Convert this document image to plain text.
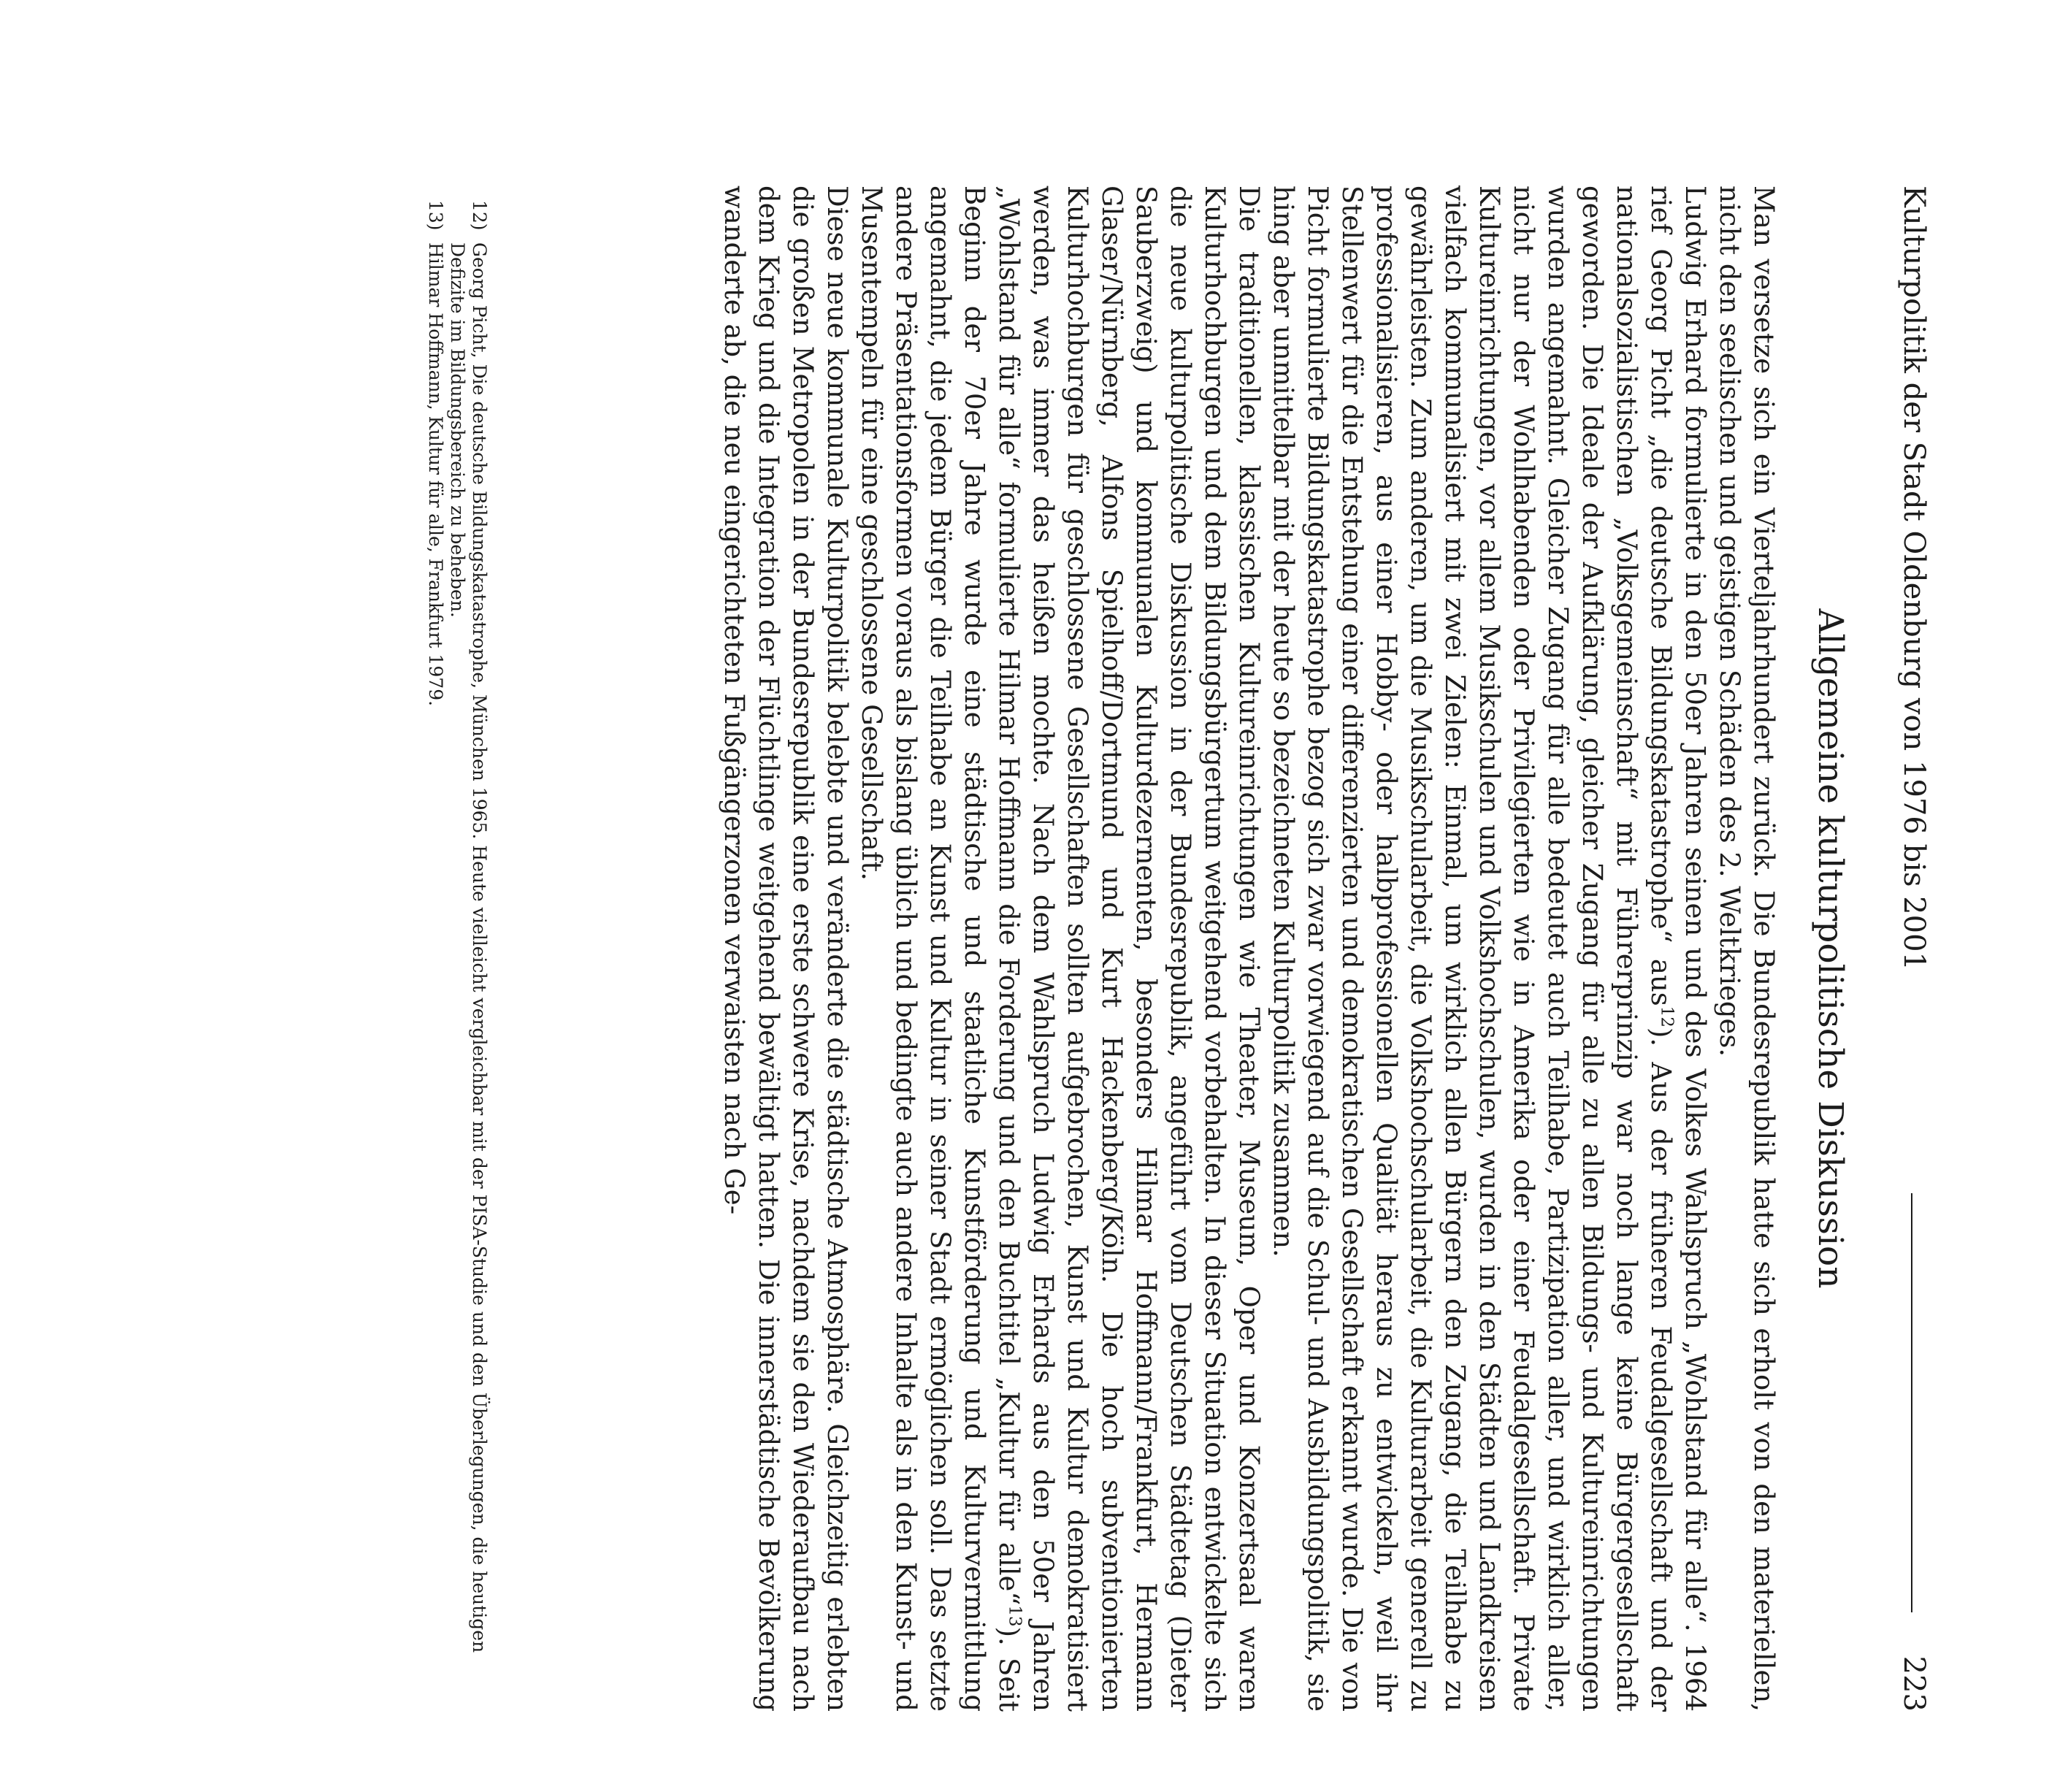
Kulturpolitik der Stadt Oldenburg von 1976 bis 2001
223
Allgemeine kulturpolitische Diskussion

Man versetze sich ein Vierteljahrhundert zurück. Die Bundesrepublik hatte sich erholt von den materiellen, nicht den seelischen und geistigen Schäden des 2. Weltkrieges.

Ludwig Erhard formulierte in den 50er Jahren seinen und des Volkes Wahlspruch „Wohlstand für alle“. 1964 rief Georg Picht „die deutsche Bildungskatastrophe“ aus$^{12}$). Aus der früheren Feudalgesellschaft und der nationalsozialistischen „Volksgemeinschaft“ mit Führerprinzip war noch lange keine Bürgergesellschaft geworden. Die Ideale der Aufklärung, gleicher Zugang für alle zu allen Bildungs- und Kultureinrichtungen wurden angemahnt. Gleicher Zugang für alle bedeutet auch Teilhabe, Partizipation aller, und wirklich aller, nicht nur der Wohlhabenden oder Privilegierten wie in Amerika oder einer Feudalgesellschaft. Private Kultureinrichtungen, vor allem Musikschulen und Volkshochschulen, wurden in den Städten und Landkreisen vielfach kommunalisiert mit zwei Zielen: Einmal, um wirklich allen Bürgern den Zugang, die Teilhabe zu gewährleisten. Zum anderen, um die Musikschularbeit, die Volkshochschularbeit, die Kulturarbeit generell zu professionalisieren, aus einer Hobby- oder halbprofessionellen Qualität heraus zu entwickeln, weil ihr Stellenwert für die Entstehung einer differenzierten und demokratischen Gesellschaft erkannt wurde. Die von Picht formulierte Bildungskatastrophe bezog sich zwar vorwiegend auf die Schul- und Ausbildungspolitik, sie hing aber unmittelbar mit der heute so bezeichneten Kulturpolitik zusammen.

Die traditionellen, klassischen Kultureinrichtungen wie Theater, Museum, Oper und Konzertsaal waren Kulturhochburgen und dem Bildungsbürgertum weitgehend vorbehalten. In dieser Situation entwickelte sich die neue kulturpolitische Diskussion in der Bundesrepublik, angeführt vom Deutschen Städtetag (Dieter Sauberzweig) und kommunalen Kulturdezernenten, besonders Hilmar Hoffmann/Frankfurt, Hermann Glaser/Nürnberg, Alfons Spielhoff/Dortmund und Kurt Hackenberg/Köln. Die hoch subventionierten Kulturhochburgen für geschlossene Gesellschaften sollten aufgebrochen, Kunst und Kultur demokratisiert werden, was immer das heißen mochte. Nach dem Wahlspruch Ludwig Erhards aus den 50er Jahren „Wohlstand für alle“ formulierte Hilmar Hoffmann die Forderung und den Buchtitel „Kultur für alle“$^{13}$). Seit Beginn der 70er Jahre wurde eine städtische und staatliche Kunstförderung und Kulturvermittlung angemahnt, die jedem Bürger die Teilhabe an Kunst und Kultur in seiner Stadt ermöglichen soll. Das setzte andere Präsentationsformen voraus als bislang üblich und bedingte auch andere Inhalte als in den Kunst- und Musentempeln für eine geschlossene Gesellschaft.

Diese neue kommunale Kulturpolitik belebte und veränderte die städtische Atmosphäre. Gleichzeitig erlebten die großen Metropolen in der Bundesrepublik eine erste schwere Krise, nachdem sie den Wiederaufbau nach dem Krieg und die Integration der Flüchtlinge weitgehend bewältigt hatten. Die innerstädtische Bevölkerung wanderte ab, die neu eingerichteten Fußgängerzonen verwaisten nach Ge-

12)
Georg Picht, Die deutsche Bildungskatastrophe, München 1965. Heute vielleicht vergleichbar mit der PISA-Studie und den Überlegungen, die heutigen Defizite im Bildungsbereich zu beheben.
13)
Hilmar Hoffmann, Kultur für alle, Frankfurt 1979.
